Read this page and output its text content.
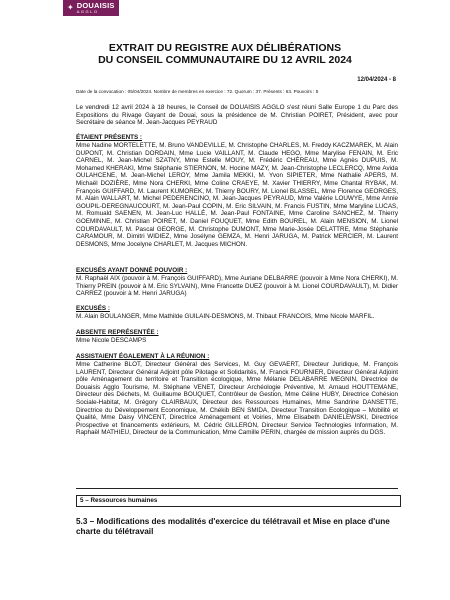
✦ DOUAISIS
AGGLO
EXTRAIT DU REGISTRE AUX DÉLIBÉRATIONS
DU CONSEIL COMMUNAUTAIRE DU 12 AVRIL 2024
12/04/2024 - 8
Date de la convocation : 05/04/2024. Nombre de membres en exercice : 72. Quorum : 37. Présents : 63. Pouvoirs : 5
Le vendredi 12 avril 2024 à 18 heures, le Conseil de DOUAISIS AGGLO s'est réuni Salle Europe 1 du Parc des Expositions du Rivage Gayant de Douai, sous la présidence de M. Christian POIRET, Président, avec pour Secrétaire de séance M. Jean-Jacques PEYRAUD
ÉTAIENT PRÉSENTS :
Mme Nadine MORTELETTE, M. Bruno VANDEVILLE, M. Christophe CHARLES, M. Freddy KACZMAREK, M. Alain DUPONT, M. Christian DORDAIN, Mme Lucie VAILLANT, M. Claude HEGO, Mme Marylise FENAIN, M. Eric CARNEL, M. Jean-Michel SZATNY, Mme Estelle MOUY, M. Frédéric CHÉREAU, Mme Agnès DUPUIS, M. Mohamed KHERAKI, Mme Stéphanie STIERNON, M. Hocine MAZY, M. Jean-Christophe LECLERCQ, Mme Avida OULAHCENE, M. Jean-Michel LEROY, Mme Jamila MEKKI, M. Yvon SIPIETER, Mme Nathalie APERS, M. Michaël DOZIÈRE, Mme Nora CHERKI, Mme Coline CRAEYE, M. Xavier THIERRY, Mme Chantal RYBAK, M. François GUIFFARD, M. Laurent KUMOREK, M. Thierry BOURY, M. Lionel BLASSEL, Mme Florence GEORGES, M. Alain WALLART, M. Michel PEDERENCINO, M. Jean-Jacques PEYRAUD, Mme Valérie LOUWYE, Mme Annie GOUPIL-DEREGNAUCOURT, M. Jean-Paul COPIN, M. Eric SILVAIN, M. Francis FUSTIN, Mme Maryline LUCAS, M. Romuald SAENEN, M. Jean-Luc HALLÉ, M. Jean-Paul FONTAINE, Mme Caroline SANCHEZ, M. Thierry GOEMINNE, M. Christian POIRET, M. Daniel FOUQUET, Mme Edith BOUREL, M. Alain MENSION, M. Lionel COURDAVAULT, M. Pascal GEORGE, M. Christophe DUMONT, Mme Marie-Josée DELATTRE, Mme Stéphanie CARAMOUR, M. Dimitri WIDIEZ, Mme Josélyne GEMZA, M. Henri JARUGA, M. Patrick MERCIER, M. Laurent DESMONS, Mme Jocelyne CHARLET, M. Jacques MICHON.
EXCUSÉS AYANT DONNÉ POUVOIR :
M. Raphaël AIX (pouvoir à M. François GUIFFARD), Mme Auriane DELBARRE (pouvoir à Mme Nora CHERKI), M. Thierry PREIN (pouvoir à M. Eric SYLVAIN), Mme Francette DUEZ (pouvoir à M. Lionel COURDAVAULT), M. Didier CARREZ (pouvoir à M. Henri JARUGA)
EXCUSÉS :
M. Alain BOULANGER, Mme Mathilde GUILAIN-DESMONS, M. Thibaut FRANCOIS, Mme Nicole MARFIL.
ABSENTE REPRÉSENTÉE :
Mme Nicole DESCAMPS
ASSISTAIENT ÉGALEMENT À LA RÉUNION :
Mme Catherine BLOT, Directeur Général des Services, M. Guy GEVAERT, Directeur Juridique, M. François LAURENT, Directeur Général Adjoint pôle Pilotage et Solidarités, M. Franck FOURNIER, Directeur Général Adjoint pôle Aménagement du territoire et Transition écologique, Mme Mélanie DELABARRE MEGNIN, Directrice de Douaisis Agglo Tourisme, M. Stéphane VENET, Directeur Archéologie Préventive, M. Arnaud HOUTTEMANE, Directeur des Déchets, M. Guillaume BOUQUET, Contrôleur de Gestion, Mme Céline HUBY, Directrice Cohésion Sociale-Habitat, M. Grégory CLAIRBAUX, Directeur des Ressources Humaines, Mme Sandrine DANSETTE, Directrice du Développement Economique, M. Chékib BEN SMIDA, Directeur Transition Ecologique – Mobilité et Qualité, Mme Daisy VINCENT, Directrice Aménagement et Voiries, Mme Elisabeth DANIELEWSKI, Directrice Prospective et financements extérieurs, M. Cédric GILLERON, Directeur Service Technologies Information, M. Raphaël MATHIEU, Directeur de la Communication, Mme Camille PERIN, chargée de mission auprès du DGS.
5 – Ressources humaines
5.3 – Modifications des modalités d'exercice du télétravail et Mise en place d'une charte du télétravail
